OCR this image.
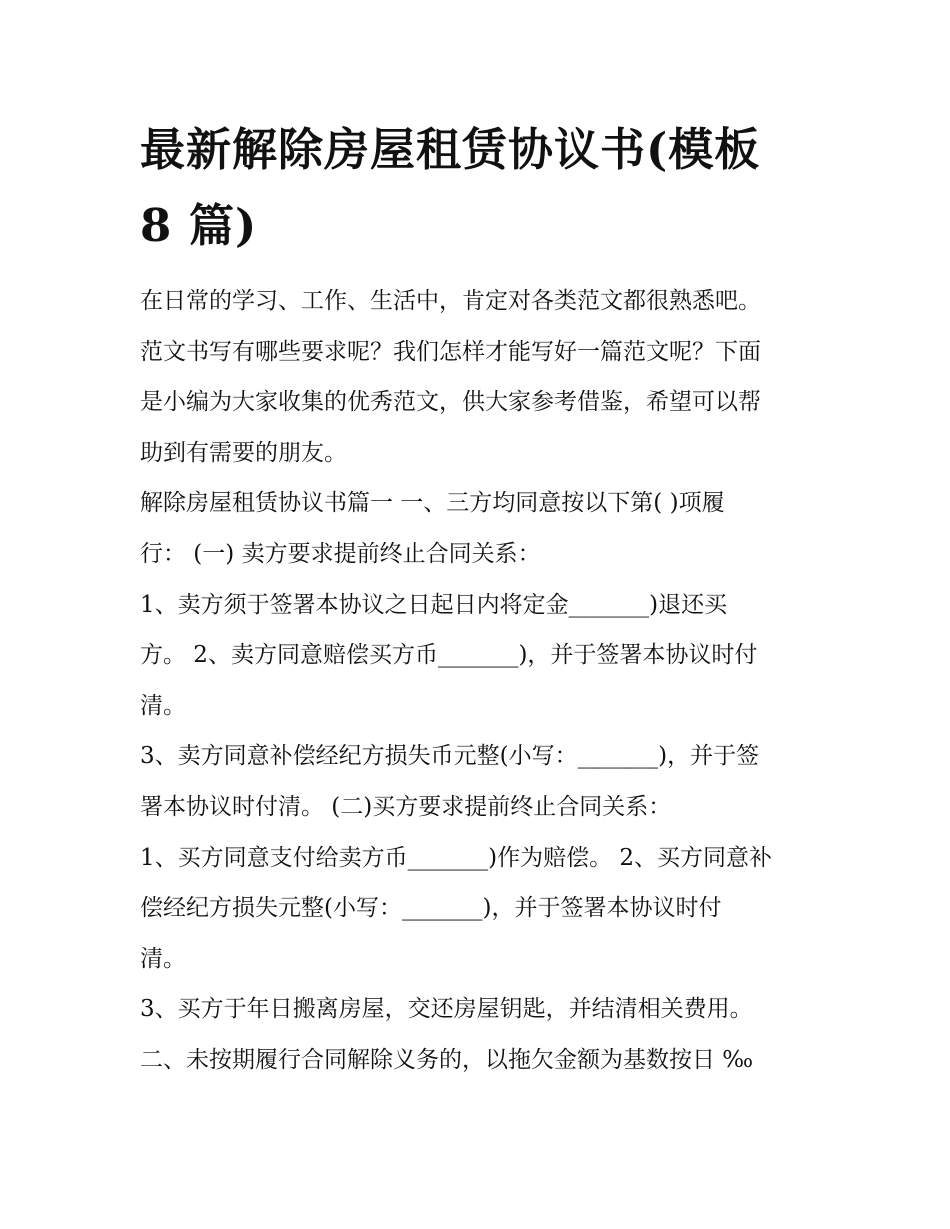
最新解除房屋租赁协议书(模板
8 篇)
在日常的学习、工作、生活中，肯定对各类范文都很熟悉吧。
范文书写有哪些要求呢？我们怎样才能写好一篇范文呢？下面
是小编为大家收集的优秀范文，供大家参考借鉴，希望可以帮
助到有需要的朋友。
解除房屋租赁协议书篇一 一、三方均同意按以下第( )项履
行： (一) 卖方要求提前终止合同关系：
1、卖方须于签署本协议之日起日内将定金_______)退还买
方。 2、卖方同意赔偿买方币_______)，并于签署本协议时付
清。
3、卖方同意补偿经纪方损失币元整(小写：_______)，并于签
署本协议时付清。 (二)买方要求提前终止合同关系：
1、买方同意支付给卖方币_______)作为赔偿。 2、买方同意补
偿经纪方损失元整(小写：_______)，并于签署本协议时付
清。
3、买方于年日搬离房屋，交还房屋钥匙，并结清相关费用。
二、未按期履行合同解除义务的，以拖欠金额为基数按日 ‰
